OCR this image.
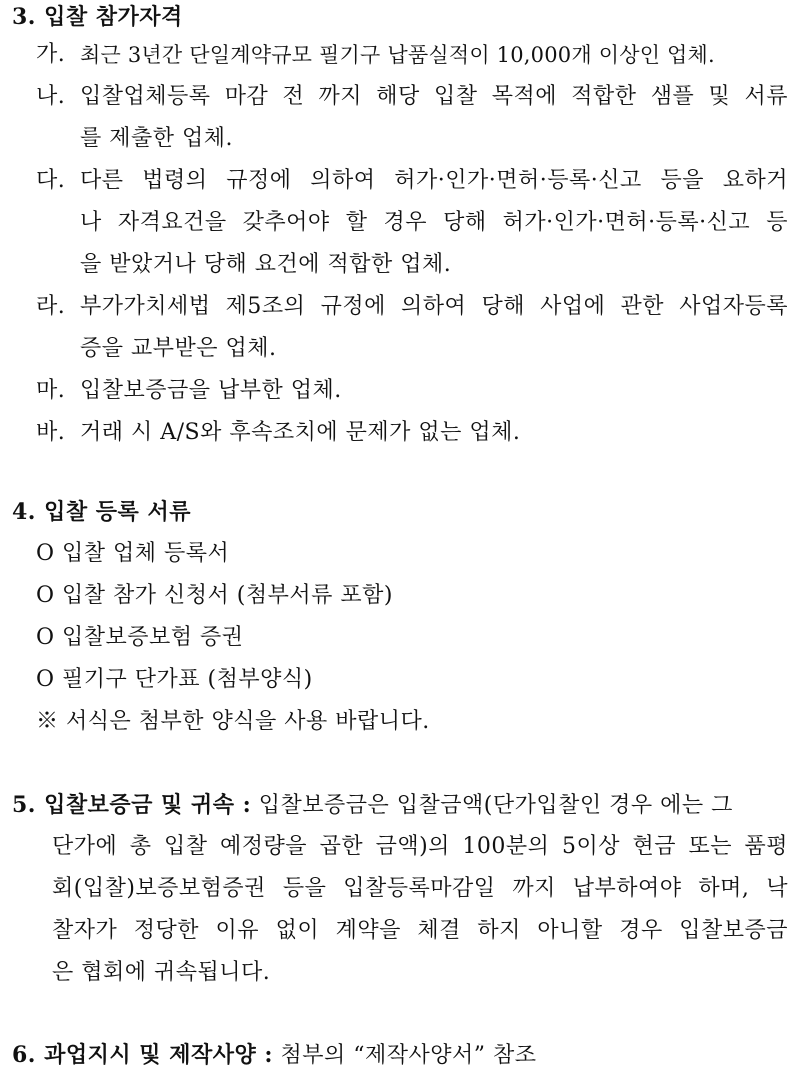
3. 입찰 참가자격
가. 최근 3년간 단일계약규모 필기구 납품실적이 10,000개 이상인 업체.
나. 입찰업체등록 마감 전 까지 해당 입찰 목적에 적합한 샘플 및 서류
를 제출한 업체.
다. 다른 법령의 규정에 의하여 허가·인가·면허·등록·신고 등을 요하거
나 자격요건을 갖추어야 할 경우 당해 허가·인가·면허·등록·신고 등
을 받았거나 당해 요건에 적합한 업체.
라. 부가가치세법 제5조의 규정에 의하여 당해 사업에 관한 사업자등록
증을 교부받은 업체.
마. 입찰보증금을 납부한 업체.
바. 거래 시 A/S와 후속조치에 문제가 없는 업체.
4. 입찰 등록 서류
O 입찰 업체 등록서
O 입찰 참가 신청서 (첨부서류 포함)
O 입찰보증보험 증권
O 필기구 단가표 (첨부양식)
※ 서식은 첨부한 양식을 사용 바랍니다.
5. 입찰보증금 및 귀속 : 입찰보증금은 입찰금액(단가입찰인 경우 에는 그
단가에 총 입찰 예정량을 곱한 금액)의 100분의 5이상 현금 또는 품평
회(입찰)보증보험증권 등을 입찰등록마감일 까지 납부하여야 하며, 낙
찰자가 정당한 이유 없이 계약을 체결 하지 아니할 경우 입찰보증금
은 협회에 귀속됩니다.
6. 과업지시 및 제작사양 : 첨부의 “제작사양서” 참조
